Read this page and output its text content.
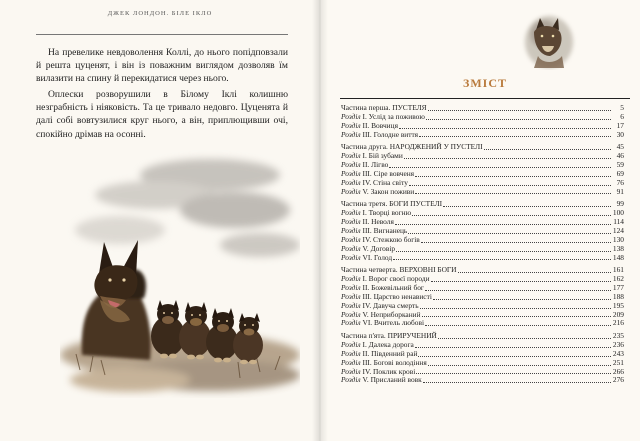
ДЖЕК ЛОНДОН. БІЛЕ ІКЛО

На превелике невдоволення Коллі, до нього попідповзали й решта цуценят, і він із поважним виглядом дозволяв їм вилазити на спину й перекидатися через нього.

Оплески розворушили в Білому Іклі колишню незграбність і ніяковість. Та це тривало недовго. Цуценята й далі собі вовтузилися круг нього, а він, приплющивши очі, спокійно дрімав на осонні.

ЗМІСТ
Частина перша. ПУСТЕЛЯ	5
Розділ I. Услід за поживою	6
Розділ II. Вовчиця	17
Розділ III. Голодне виття	30
Частина друга. НАРОДЖЕНИЙ У ПУСТЕЛІ	45
Розділ I. Бій зубами	46
Розділ II. Лігво	59
Розділ III. Сіре вовченя	69
Розділ IV. Стіна світу	76
Розділ V. Закон поживи	91
Частина третя. БОГИ ПУСТЕЛІ	99
Розділ I. Творці вогню	100
Розділ II. Неволя	114
Розділ III. Вигнанець	124
Розділ IV. Стежкою богів	130
Розділ V. Договір	138
Розділ VI. Голод	148
Частина четверта. ВЕРХОВНІ БОГИ	161
Розділ I. Ворог своєї породи	162
Розділ II. Божевільний бог	177
Розділ III. Царство ненависті	188
Розділ IV. Давуча смерть	195
Розділ V. Неприборканий	209
Розділ VI. Вчитель любові	216
Частина п'ята. ПРИРУЧЕНИЙ	235
Розділ I. Далека дорога	236
Розділ II. Південний рай	243
Розділ III. Богові володіння	251
Розділ IV. Поклик крові	266
Розділ V. Присланий вовк	276
